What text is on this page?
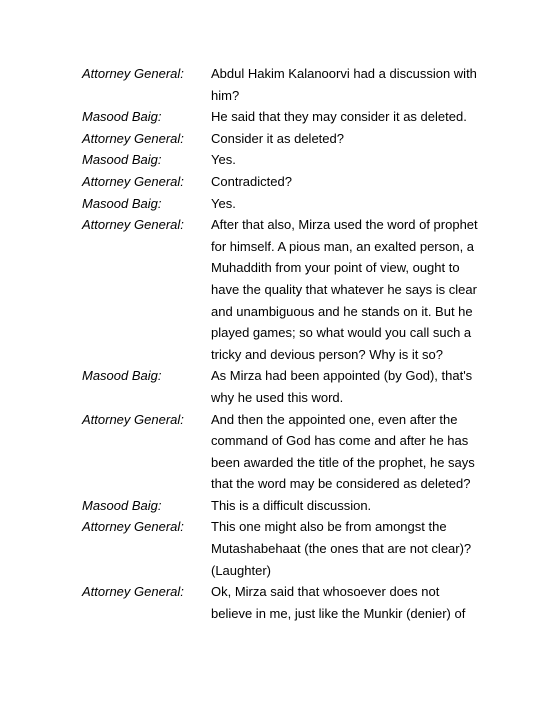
Attorney General:	Abdul Hakim Kalanoorvi had a discussion with
him?
Masood Baig:	He said that they may consider it as deleted.
Attorney General:	Consider it as deleted?
Masood Baig:	Yes.
Attorney General:	Contradicted?
Masood Baig:	Yes.
Attorney General:	After that also, Mirza used the word of prophet
for himself. A pious man, an exalted person, a
Muhaddith from your point of view, ought to
have the quality that whatever he says is clear
and unambiguous and he stands on it. But he
played games; so what would you call such a
tricky and devious person? Why is it so?
Masood Baig:	As Mirza had been appointed (by God), that's
why he used this word.
Attorney General:	And then the appointed one, even after the
command of God has come and after he has
been awarded the title of the prophet, he says
that the word may be considered as deleted?
Masood Baig:	This is a difficult discussion.
Attorney General:	This one might also be from amongst the
Mutashabehaat (the ones that are not clear)?
(Laughter)
Attorney General:	Ok, Mirza said that whosoever does not
believe in me, just like the Munkir (denier) of
